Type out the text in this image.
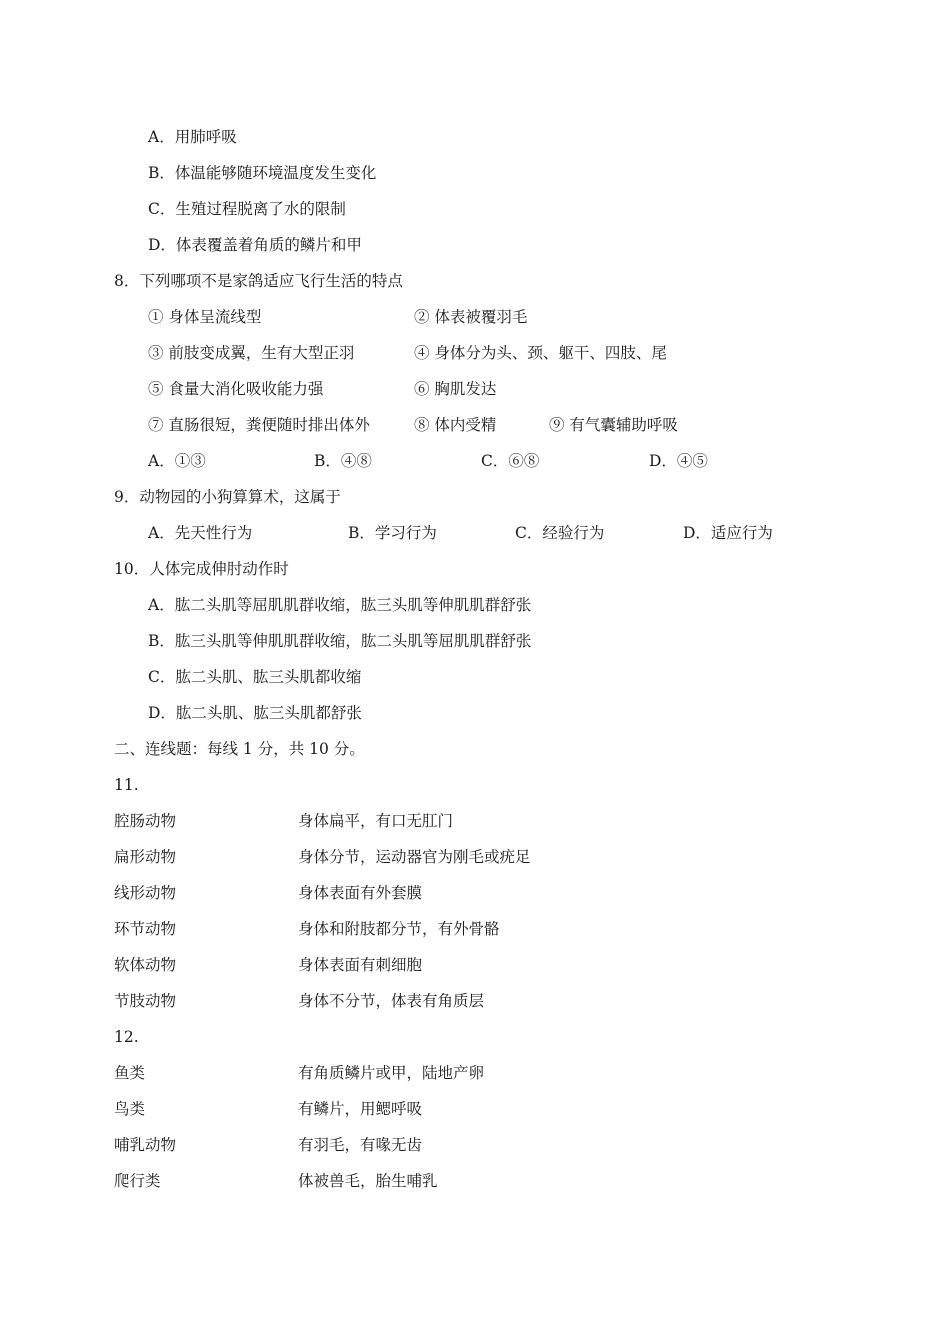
A．用肺呼吸
B．体温能够随环境温度发生变化
C．生殖过程脱离了水的限制
D．体表覆盖着角质的鳞片和甲
8．下列哪项不是家鸽适应飞行生活的特点
① 身体呈流线型	② 体表被覆羽毛
③ 前肢变成翼，生有大型正羽	④ 身体分为头、颈、躯干、四肢、尾
⑤ 食量大消化吸收能力强	⑥ 胸肌发达
⑦ 直肠很短，粪便随时排出体外	⑧ 体内受精	⑨ 有气囊辅助呼吸
A．①③	B．④⑧	C．⑥⑧	D．④⑤
9．动物园的小狗算算术，这属于
A．先天性行为	B．学习行为	C．经验行为	D．适应行为
10．人体完成伸肘动作时
A．肱二头肌等屈肌肌群收缩，肱三头肌等伸肌肌群舒张
B．肱三头肌等伸肌肌群收缩，肱二头肌等屈肌肌群舒张
C．肱二头肌、肱三头肌都收缩
D．肱二头肌、肱三头肌都舒张
二、连线题：每线 1 分，共 10 分。
11.
腔肠动物	身体扁平，有口无肛门
扁形动物	身体分节，运动器官为刚毛或疣足
线形动物	身体表面有外套膜
环节动物	身体和附肢都分节，有外骨骼
软体动物	身体表面有刺细胞
节肢动物	身体不分节，体表有角质层
12.
鱼类	有角质鳞片或甲，陆地产卵
鸟类	有鳞片，用鳃呼吸
哺乳动物	有羽毛，有喙无齿
爬行类	体被兽毛，胎生哺乳
